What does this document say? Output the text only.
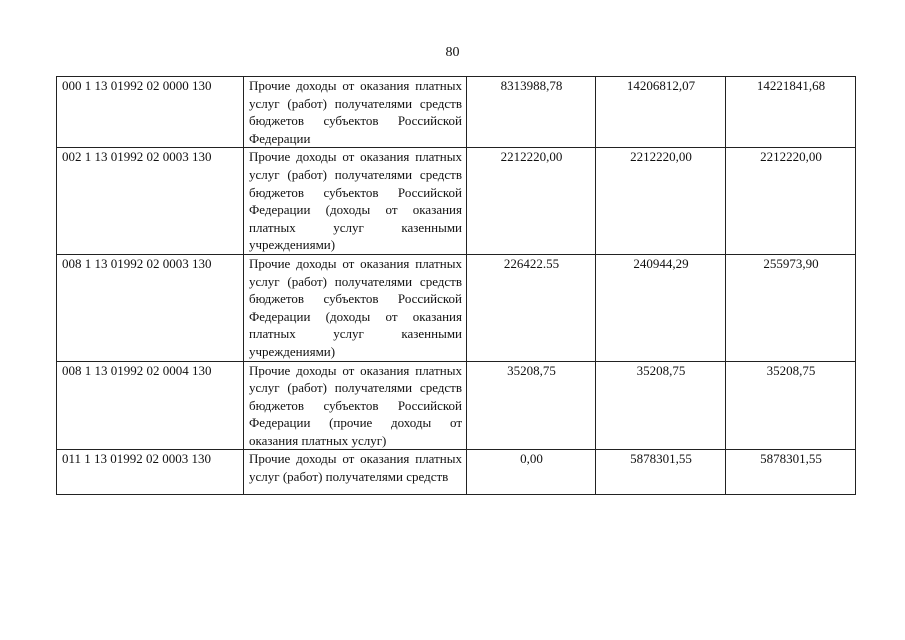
80
000 1 13 01992 02 0000 130	Прочие доходы от оказания платных услуг (работ) получателями средств бюджетов субъектов Российской Федерации	8313988,78	14206812,07	14221841,68
002 1 13 01992 02 0003 130	Прочие доходы от оказания платных услуг (работ) получателями средств бюджетов субъектов Российской Федерации (доходы от оказания платных услуг казенными учреждениями)	2212220,00	2212220,00	2212220,00
008 1 13 01992 02 0003 130	Прочие доходы от оказания платных услуг (работ) получателями средств бюджетов субъектов Российской Федерации (доходы от оказания платных услуг казенными учреждениями)	226422.55	240944,29	255973,90
008 1 13 01992 02 0004 130	Прочие доходы от оказания платных услуг (работ) получателями средств бюджетов субъектов Российской Федерации (прочие доходы от оказания платных услуг)	35208,75	35208,75	35208,75
011 1 13 01992 02 0003 130	Прочие доходы от оказания платных услуг (работ) получателями средств	0,00	5878301,55	5878301,55
